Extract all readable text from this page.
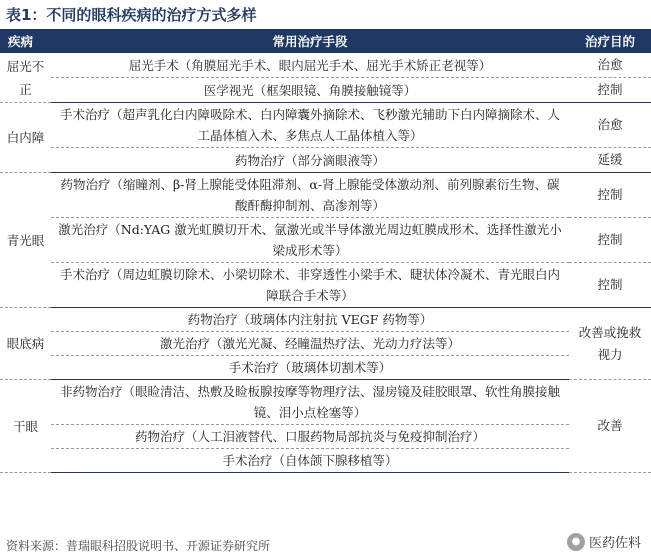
表1：不同的眼科疾病的治疗方式多样
疾病	常用治疗手段	治疗目的
屈光不正	屈光手术（角膜屈光手术、眼内屈光手术、屈光手术矫正老视等）	治愈
	医学视光（框架眼镜、角膜接触镜等）	控制
白内障	手术治疗（超声乳化白内障吸除术、白内障囊外摘除术、飞秒激光辅助下白内障摘除术、人工晶体植入术、多焦点人工晶体植入等）	治愈
	药物治疗（部分滴眼液等）	延缓
青光眼	药物治疗（缩瞳剂、β-肾上腺能受体阻滞剂、α-肾上腺能受体激动剂、前列腺素衍生物、碳酸酐酶抑制剂、高渗剂等）	控制
	激光治疗（Nd:YAG 激光虹膜切开术、氩激光或半导体激光周边虹膜成形术、选择性激光小梁成形术等）	控制
	手术治疗（周边虹膜切除术、小梁切除术、非穿透性小梁手术、睫状体冷凝术、青光眼白内障联合手术等）	控制
眼底病	药物治疗（玻璃体内注射抗 VEGF 药物等）	改善或挽救视力
	激光治疗（激光光凝、经瞳温热疗法、光动力疗法等）	
	手术治疗（玻璃体切割术等）	
干眼	非药物治疗（眼睑清洁、热敷及睑板腺按摩等物理疗法、湿房镜及硅胶眼罩、软性角膜接触镜、泪小点栓塞等）	改善
	药物治疗（人工泪液替代、口服药物局部抗炎与免疫抑制治疗）	
	手术治疗（自体颌下腺移植等）	
资料来源：普瑞眼科招股说明书、开源证券研究所	● 医药佐料
